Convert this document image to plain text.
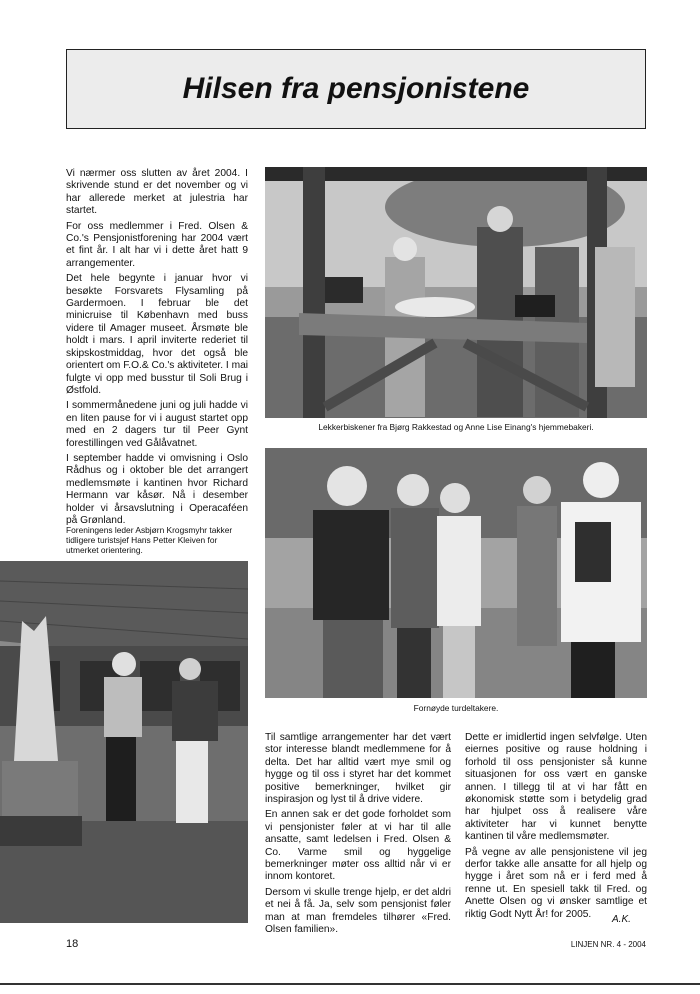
Hilsen fra pensjonistene

Vi nærmer oss slutten av året 2004. I skrivende stund er det november og vi har allerede merket at julestria har startet.

For oss medlemmer i Fred. Olsen & Co.'s Pensjonistforening har 2004 vært et fint år. I alt har vi i dette året hatt 9 arrangementer.

Det hele begynte i januar hvor vi besøkte Forsvarets Flysamling på Gardermoen. I februar ble det minicruise til København med buss videre til Amager museet. Årsmøte ble holdt i mars. I april inviterte rederiet til skipskostmiddag, hvor det også ble orientert om F.O.& Co.'s aktiviteter. I mai fulgte vi opp med busstur til Soli Brug i Østfold.

I sommermånedene juni og juli hadde vi en liten pause for vi i august startet opp med en 2 dagers tur til Peer Gynt forestillingen ved Gålåvatnet.

I september hadde vi omvisning i Oslo Rådhus og i oktober ble det arrangert medlemsmøte i kantinen hvor Richard Hermann var kåsør. Nå i desember holder vi årsavslutning i Operacaféen på Grønland.

Foreningens leder Asbjørn Krogsmyhr takker tidligere turistsjef Hans Petter Kleiven for utmerket orientering.
Lekkerbiskener fra Bjørg Rakkestad og Anne Lise Einang's hjemmebakeri.
Fornøyde turdeltakere.

Til samtlige arrangementer har det vært stor interesse blandt medlemmene for å delta. Det har alltid vært mye smil og hygge og til oss i styret har det kommet positive bemerkninger, hvilket gir inspirasjon og lyst til å drive videre.

En annen sak er det gode forholdet som vi pensjonister føler at vi har til alle ansatte, samt ledelsen i Fred. Olsen & Co. Varme smil og hyggelige bemerkninger møter oss alltid når vi er innom kontoret.

Dersom vi skulle trenge hjelp, er det aldri et nei å få. Ja, selv som pensjonist føler man at man fremdeles tilhører «Fred. Olsen familien».

Dette er imidlertid ingen selvfølge. Uten eiernes positive og rause holdning i forhold til oss pensjonister så kunne situasjonen for oss vært en ganske annen. I tillegg til at vi har fått en økonomisk støtte som i betydelig grad har hjulpet oss å realisere våre aktiviteter har vi kunnet benytte kantinen til våre medlemsmøter.

På vegne av alle pensjonistene vil jeg derfor takke alle ansatte for all hjelp og hygge i året som nå er i ferd med å renne ut. En spesiell takk til Fred. og Anette Olsen og vi ønsker samtlige et riktig Godt Nytt År! for 2005.	A.K.
18	LINJEN NR. 4 - 2004
